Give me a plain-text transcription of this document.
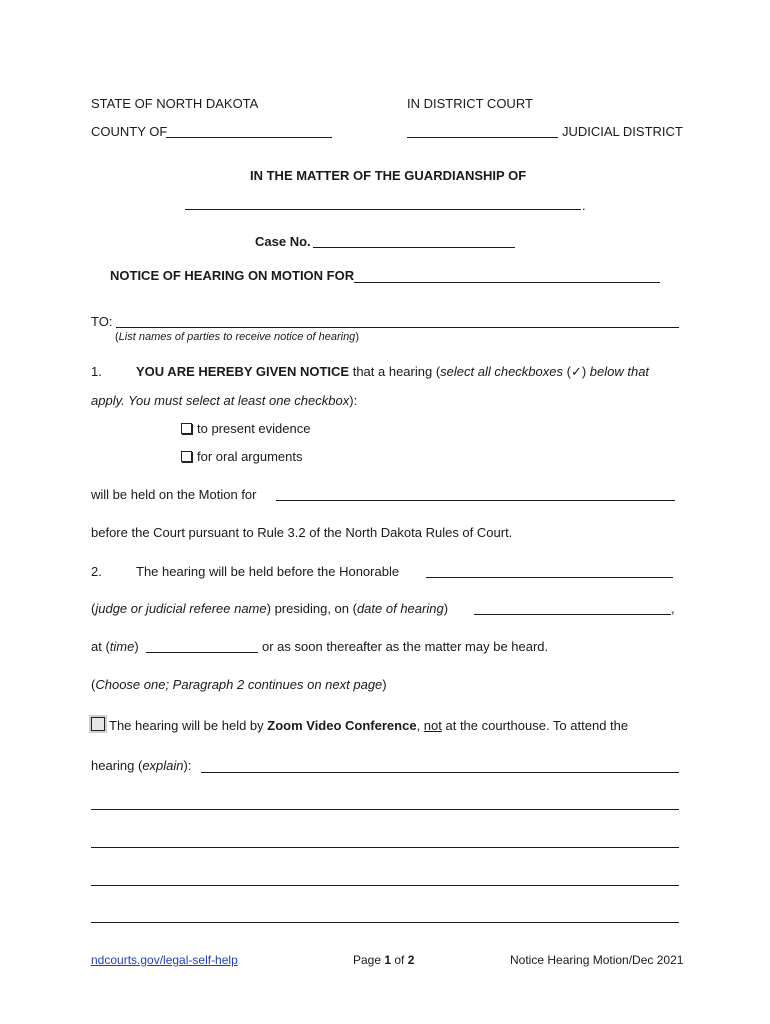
STATE OF NORTH DAKOTA	IN DISTRICT COURT
COUNTY OF	JUDICIAL DISTRICT
IN THE MATTER OF THE GUARDIANSHIP OF
.
Case No.
NOTICE OF HEARING ON MOTION FOR
TO:
(List names of parties to receive notice of hearing)
1.	YOU ARE HEREBY GIVEN NOTICE that a hearing (select all checkboxes (✓) below that
apply. You must select at least one checkbox):
to present evidence
for oral arguments
will be held on the Motion for
before the Court pursuant to Rule 3.2 of the North Dakota Rules of Court.
2.	The hearing will be held before the Honorable
(judge or judicial referee name) presiding, on (date of hearing)	,
at (time)	or as soon thereafter as the matter may be heard.
(Choose one; Paragraph 2 continues on next page)
The hearing will be held by Zoom Video Conference, not at the courthouse. To attend the
hearing (explain):
ndcourts.gov/legal-self-help	Page 1 of 2	Notice Hearing Motion/Dec 2021
